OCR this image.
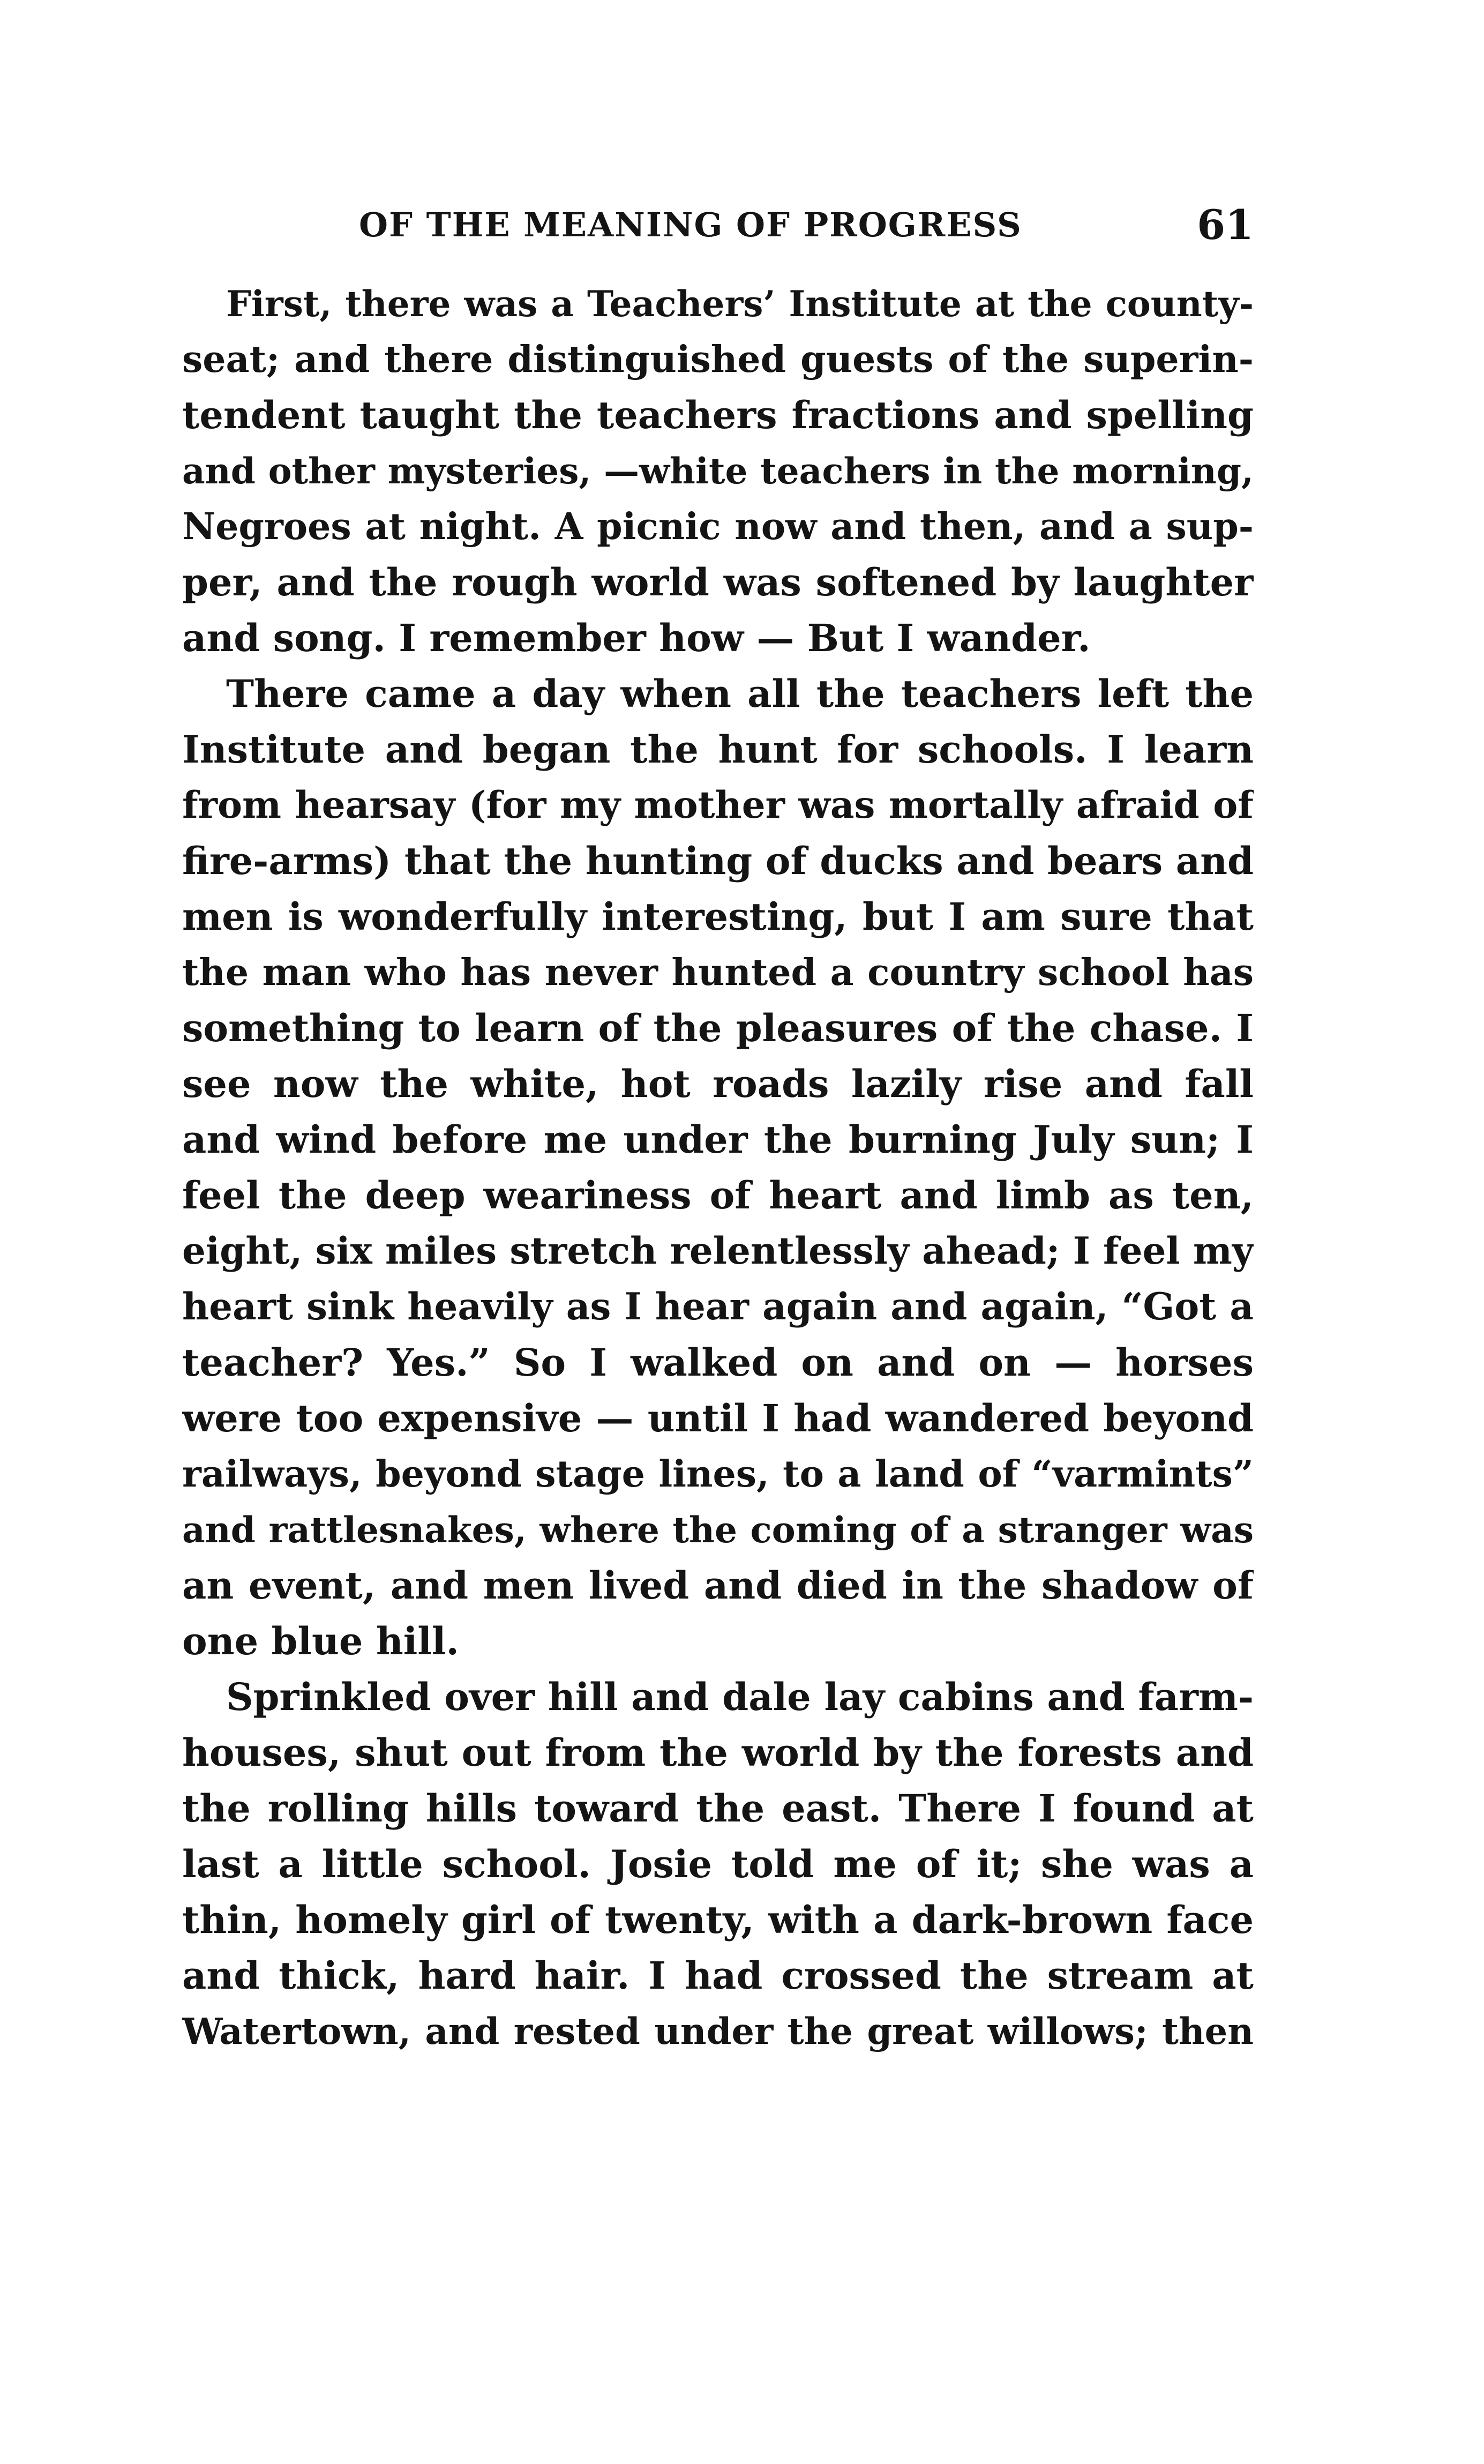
OF THE MEANING OF PROGRESS	61
First, there was a Teachers’ Institute at the county-
seat; and there distinguished guests of the superin-
tendent taught the teachers fractions and spelling
and other mysteries, —white teachers in the morning,
Negroes at night. A picnic now and then, and a sup-
per, and the rough world was softened by laughter
and song. I remember how — But I wander.
There came a day when all the teachers left the
Institute and began the hunt for schools. I learn
from hearsay (for my mother was mortally afraid of
fire-arms) that the hunting of ducks and bears and
men is wonderfully interesting, but I am sure that
the man who has never hunted a country school has
something to learn of the pleasures of the chase. I
see now the white, hot roads lazily rise and fall
and wind before me under the burning July sun; I
feel the deep weariness of heart and limb as ten,
eight, six miles stretch relentlessly ahead; I feel my
heart sink heavily as I hear again and again, “Got a
teacher? Yes.” So I walked on and on — horses
were too expensive — until I had wandered beyond
railways, beyond stage lines, to a land of “varmints”
and rattlesnakes, where the coming of a stranger was
an event, and men lived and died in the shadow of
one blue hill.
Sprinkled over hill and dale lay cabins and farm-
houses, shut out from the world by the forests and
the rolling hills toward the east. There I found at
last a little school. Josie told me of it; she was a
thin, homely girl of twenty, with a dark-brown face
and thick, hard hair. I had crossed the stream at
Watertown, and rested under the great willows; then
